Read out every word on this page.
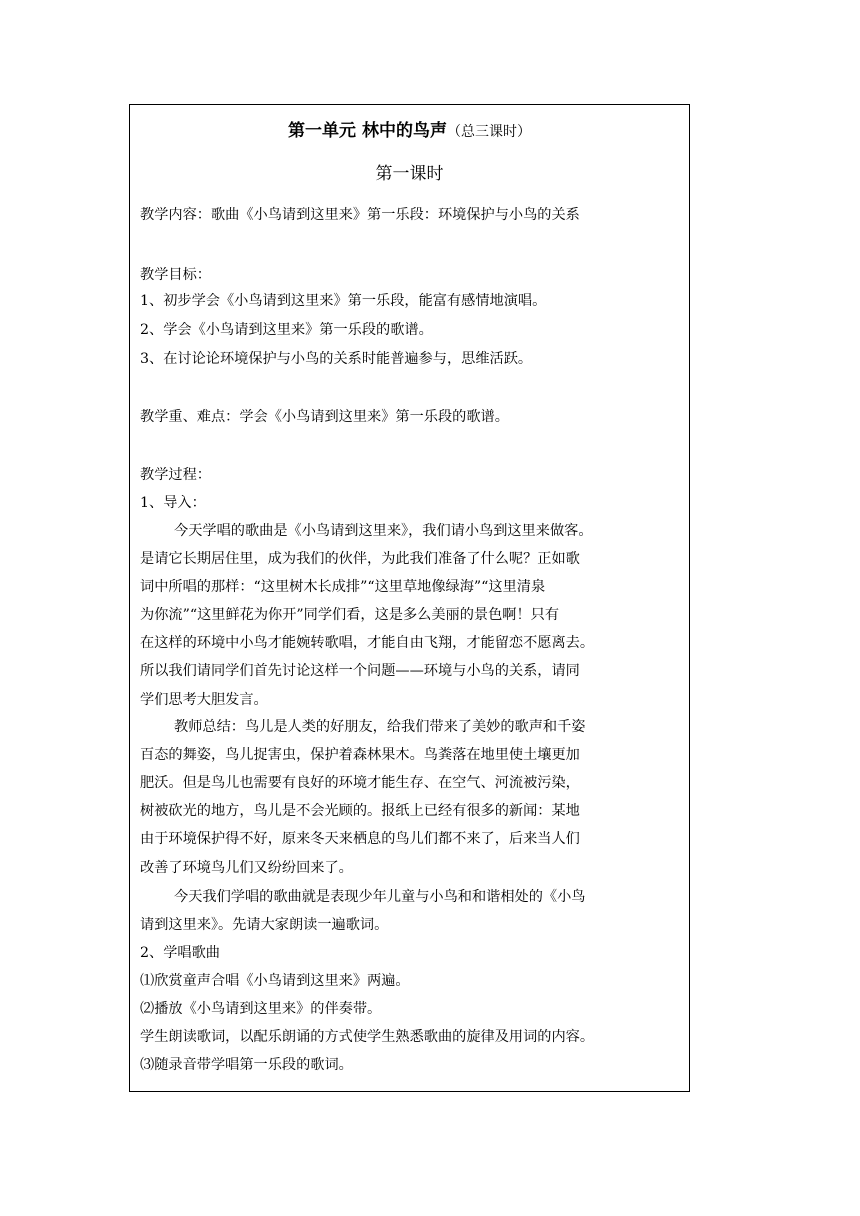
第一单元 林中的鸟声（总三课时）
第一课时
教学内容：歌曲《小鸟请到这里来》第一乐段：环境保护与小鸟的关系
教学目标：
1、初步学会《小鸟请到这里来》第一乐段，能富有感情地演唱。
2、学会《小鸟请到这里来》第一乐段的歌谱。
3、在讨论论环境保护与小鸟的关系时能普遍参与，思维活跃。
教学重、难点：学会《小鸟请到这里来》第一乐段的歌谱。
教学过程：
1、导入：
今天学唱的歌曲是《小鸟请到这里来》，我们请小鸟到这里来做客。
是请它长期居住里，成为我们的伙伴，为此我们准备了什么呢？正如歌
词中所唱的那样：“这里树木长成排”“这里草地像绿海”“这里清泉
为你流”“这里鲜花为你开”同学们看，这是多么美丽的景色啊！只有
在这样的环境中小鸟才能婉转歌唱，才能自由飞翔，才能留恋不愿离去。
所以我们请同学们首先讨论这样一个问题——环境与小鸟的关系，请同
学们思考大胆发言。
教师总结：鸟儿是人类的好朋友，给我们带来了美妙的歌声和千姿
百态的舞姿，鸟儿捉害虫，保护着森林果木。鸟粪落在地里使土壤更加
肥沃。但是鸟儿也需要有良好的环境才能生存、在空气、河流被污染，
树被砍光的地方，鸟儿是不会光顾的。报纸上已经有很多的新闻：某地
由于环境保护得不好，原来冬天来栖息的鸟儿们都不来了，后来当人们
改善了环境鸟儿们又纷纷回来了。
今天我们学唱的歌曲就是表现少年儿童与小鸟和和谐相处的《小鸟
请到这里来》。先请大家朗读一遍歌词。
2、学唱歌曲
⑴欣赏童声合唱《小鸟请到这里来》两遍。
⑵播放《小鸟请到这里来》的伴奏带。
学生朗读歌词，以配乐朗诵的方式使学生熟悉歌曲的旋律及用词的内容。
⑶随录音带学唱第一乐段的歌词。
